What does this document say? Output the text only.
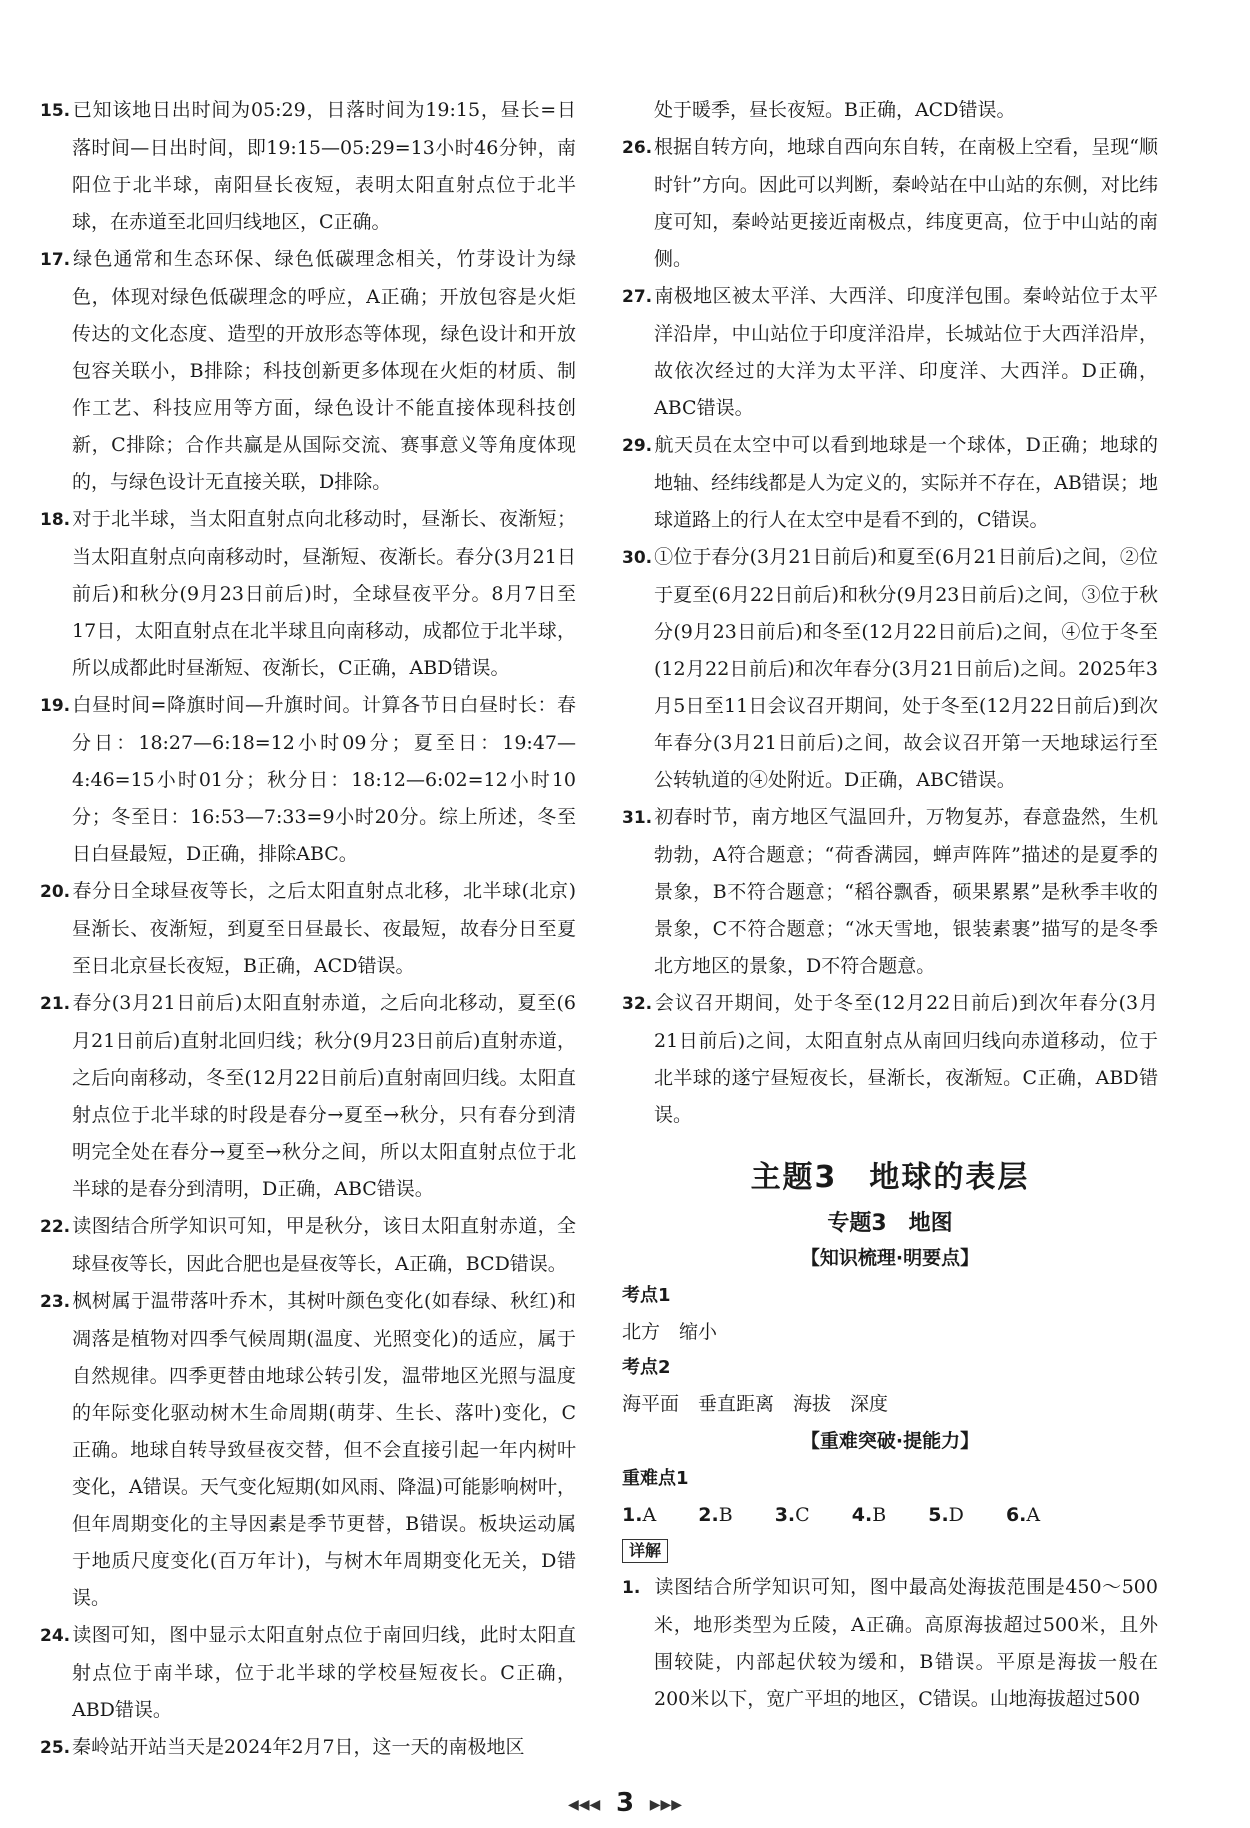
15.已知该地日出时间为05:29，日落时间为19:15，昼长=日落时间—日出时间，即19:15—05:29=13小时46分钟，南阳位于北半球，南阳昼长夜短，表明太阳直射点位于北半球，在赤道至北回归线地区，C正确。
17.绿色通常和生态环保、绿色低碳理念相关，竹芽设计为绿色，体现对绿色低碳理念的呼应，A正确；开放包容是火炬传达的文化态度、造型的开放形态等体现，绿色设计和开放包容关联小，B排除；科技创新更多体现在火炬的材质、制作工艺、科技应用等方面，绿色设计不能直接体现科技创新，C排除；合作共赢是从国际交流、赛事意义等角度体现的，与绿色设计无直接关联，D排除。
18.对于北半球，当太阳直射点向北移动时，昼渐长、夜渐短；当太阳直射点向南移动时，昼渐短、夜渐长。春分(3月21日前后)和秋分(9月23日前后)时，全球昼夜平分。8月7日至17日，太阳直射点在北半球且向南移动，成都位于北半球，所以成都此时昼渐短、夜渐长，C正确，ABD错误。
19.白昼时间=降旗时间—升旗时间。计算各节日白昼时长：春分日：18:27—6:18=12小时09分；夏至日：19:47—4:46=15小时01分；秋分日：18:12—6:02=12小时10分；冬至日：16:53—7:33=9小时20分。综上所述，冬至日白昼最短，D正确，排除ABC。
20.春分日全球昼夜等长，之后太阳直射点北移，北半球(北京)昼渐长、夜渐短，到夏至日昼最长、夜最短，故春分日至夏至日北京昼长夜短，B正确，ACD错误。
21.春分(3月21日前后)太阳直射赤道，之后向北移动，夏至(6月21日前后)直射北回归线；秋分(9月23日前后)直射赤道，之后向南移动，冬至(12月22日前后)直射南回归线。太阳直射点位于北半球的时段是春分→夏至→秋分，只有春分到清明完全处在春分→夏至→秋分之间，所以太阳直射点位于北半球的是春分到清明，D正确，ABC错误。
22.读图结合所学知识可知，甲是秋分，该日太阳直射赤道，全球昼夜等长，因此合肥也是昼夜等长，A正确，BCD错误。
23.枫树属于温带落叶乔木，其树叶颜色变化(如春绿、秋红)和凋落是植物对四季气候周期(温度、光照变化)的适应，属于自然规律。四季更替由地球公转引发，温带地区光照与温度的年际变化驱动树木生命周期(萌芽、生长、落叶)变化，C正确。地球自转导致昼夜交替，但不会直接引起一年内树叶变化，A错误。天气变化短期(如风雨、降温)可能影响树叶，但年周期变化的主导因素是季节更替，B错误。板块运动属于地质尺度变化(百万年计)，与树木年周期变化无关，D错误。
24.读图可知，图中显示太阳直射点位于南回归线，此时太阳直射点位于南半球，位于北半球的学校昼短夜长。C正确，ABD错误。
25.秦岭站开站当天是2024年2月7日，这一天的南极地区
处于暖季，昼长夜短。B正确，ACD错误。
26.根据自转方向，地球自西向东自转，在南极上空看，呈现“顺时针”方向。因此可以判断，秦岭站在中山站的东侧，对比纬度可知，秦岭站更接近南极点，纬度更高，位于中山站的南侧。
27.南极地区被太平洋、大西洋、印度洋包围。秦岭站位于太平洋沿岸，中山站位于印度洋沿岸，长城站位于大西洋沿岸，故依次经过的大洋为太平洋、印度洋、大西洋。D正确，ABC错误。
29.航天员在太空中可以看到地球是一个球体，D正确；地球的地轴、经纬线都是人为定义的，实际并不存在，AB错误；地球道路上的行人在太空中是看不到的，C错误。
30.①位于春分(3月21日前后)和夏至(6月21日前后)之间，②位于夏至(6月22日前后)和秋分(9月23日前后)之间，③位于秋分(9月23日前后)和冬至(12月22日前后)之间，④位于冬至(12月22日前后)和次年春分(3月21日前后)之间。2025年3月5日至11日会议召开期间，处于冬至(12月22日前后)到次年春分(3月21日前后)之间，故会议召开第一天地球运行至公转轨道的④处附近。D正确，ABC错误。
31.初春时节，南方地区气温回升，万物复苏，春意盎然，生机勃勃，A符合题意；“荷香满园，蝉声阵阵”描述的是夏季的景象，B不符合题意；“稻谷飘香，硕果累累”是秋季丰收的景象，C不符合题意；“冰天雪地，银装素裹”描写的是冬季北方地区的景象，D不符合题意。
32.会议召开期间，处于冬至(12月22日前后)到次年春分(3月21日前后)之间，太阳直射点从南回归线向赤道移动，位于北半球的遂宁昼短夜长，昼渐长，夜渐短。C正确，ABD错误。
主题3　地球的表层
专题3　地图
【知识梳理·明要点】
考点1
北方　缩小
考点2
海平面　垂直距离　海拔　深度
【重难突破·提能力】
重难点1
1.A 2.B 3.C 4.B 5.D 6.A
详解
1. 读图结合所学知识可知，图中最高处海拔范围是450～500米，地形类型为丘陵，A正确。高原海拔超过500米，且外围较陡，内部起伏较为缓和，B错误。平原是海拔一般在200米以下，宽广平坦的地区，C错误。山地海拔超过500
◀◀◀ 3 ▶▶▶
